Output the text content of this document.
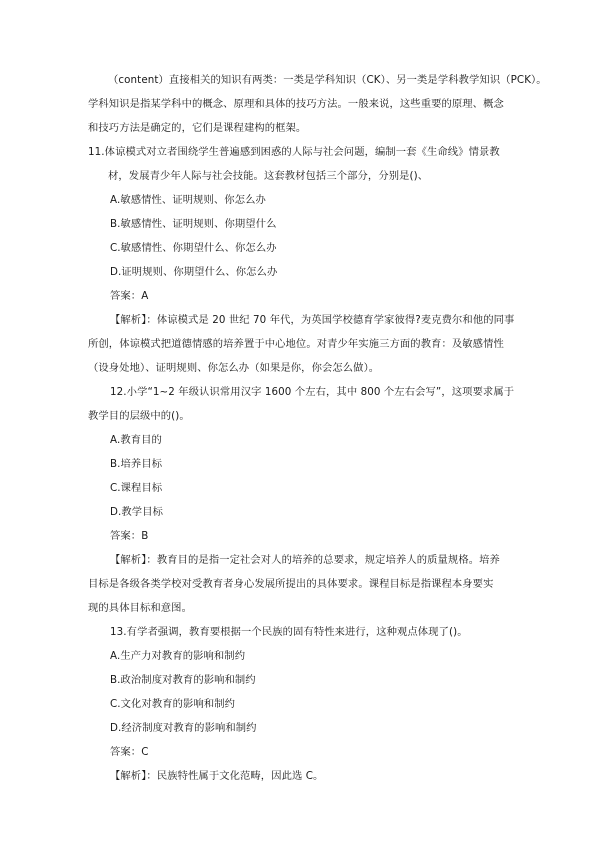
（content）直接相关的知识有两类：一类是学科知识（CK）、另一类是学科教学知识（PCK）。
学科知识是指某学科中的概念、原理和具体的技巧方法。一般来说，这些重要的原理、概念
和技巧方法是确定的，它们是课程建构的框架。
11.体谅模式对立者围绕学生普遍感到困惑的人际与社会问题，编制一套《生命线》情景教
材，发展青少年人际与社会技能。这套教材包括三个部分，分别是()、
A.敏感情性、证明规则、你怎么办
B.敏感情性、证明规则、你期望什么
C.敏感情性、你期望什么、你怎么办
D.证明规则、你期望什么、你怎么办
答案：A
【解析】：体谅模式是 20 世纪 70 年代，为英国学校德育学家彼得?麦克费尔和他的同事
所创，体谅模式把道德情感的培养置于中心地位。对青少年实施三方面的教育：及敏感情性
（设身处地）、证明规则、你怎么办（如果是你，你会怎么做）。
12.小学“1~2 年级认识常用汉字 1600 个左右，其中 800 个左右会写”，这项要求属于
教学目的层级中的()。
A.教育目的
B.培养目标
C.课程目标
D.教学目标
答案：B
【解析】：教育目的是指一定社会对人的培养的总要求，规定培养人的质量规格。培养
目标是各级各类学校对受教育者身心发展所提出的具体要求。课程目标是指课程本身要实
现的具体目标和意图。
13.有学者强调，教育要根据一个民族的固有特性来进行，这种观点体现了()。
A.生产力对教育的影响和制约
B.政治制度对教育的影响和制约
C.文化对教育的影响和制约
D.经济制度对教育的影响和制约
答案：C
【解析】：民族特性属于文化范畴，因此选 C。
